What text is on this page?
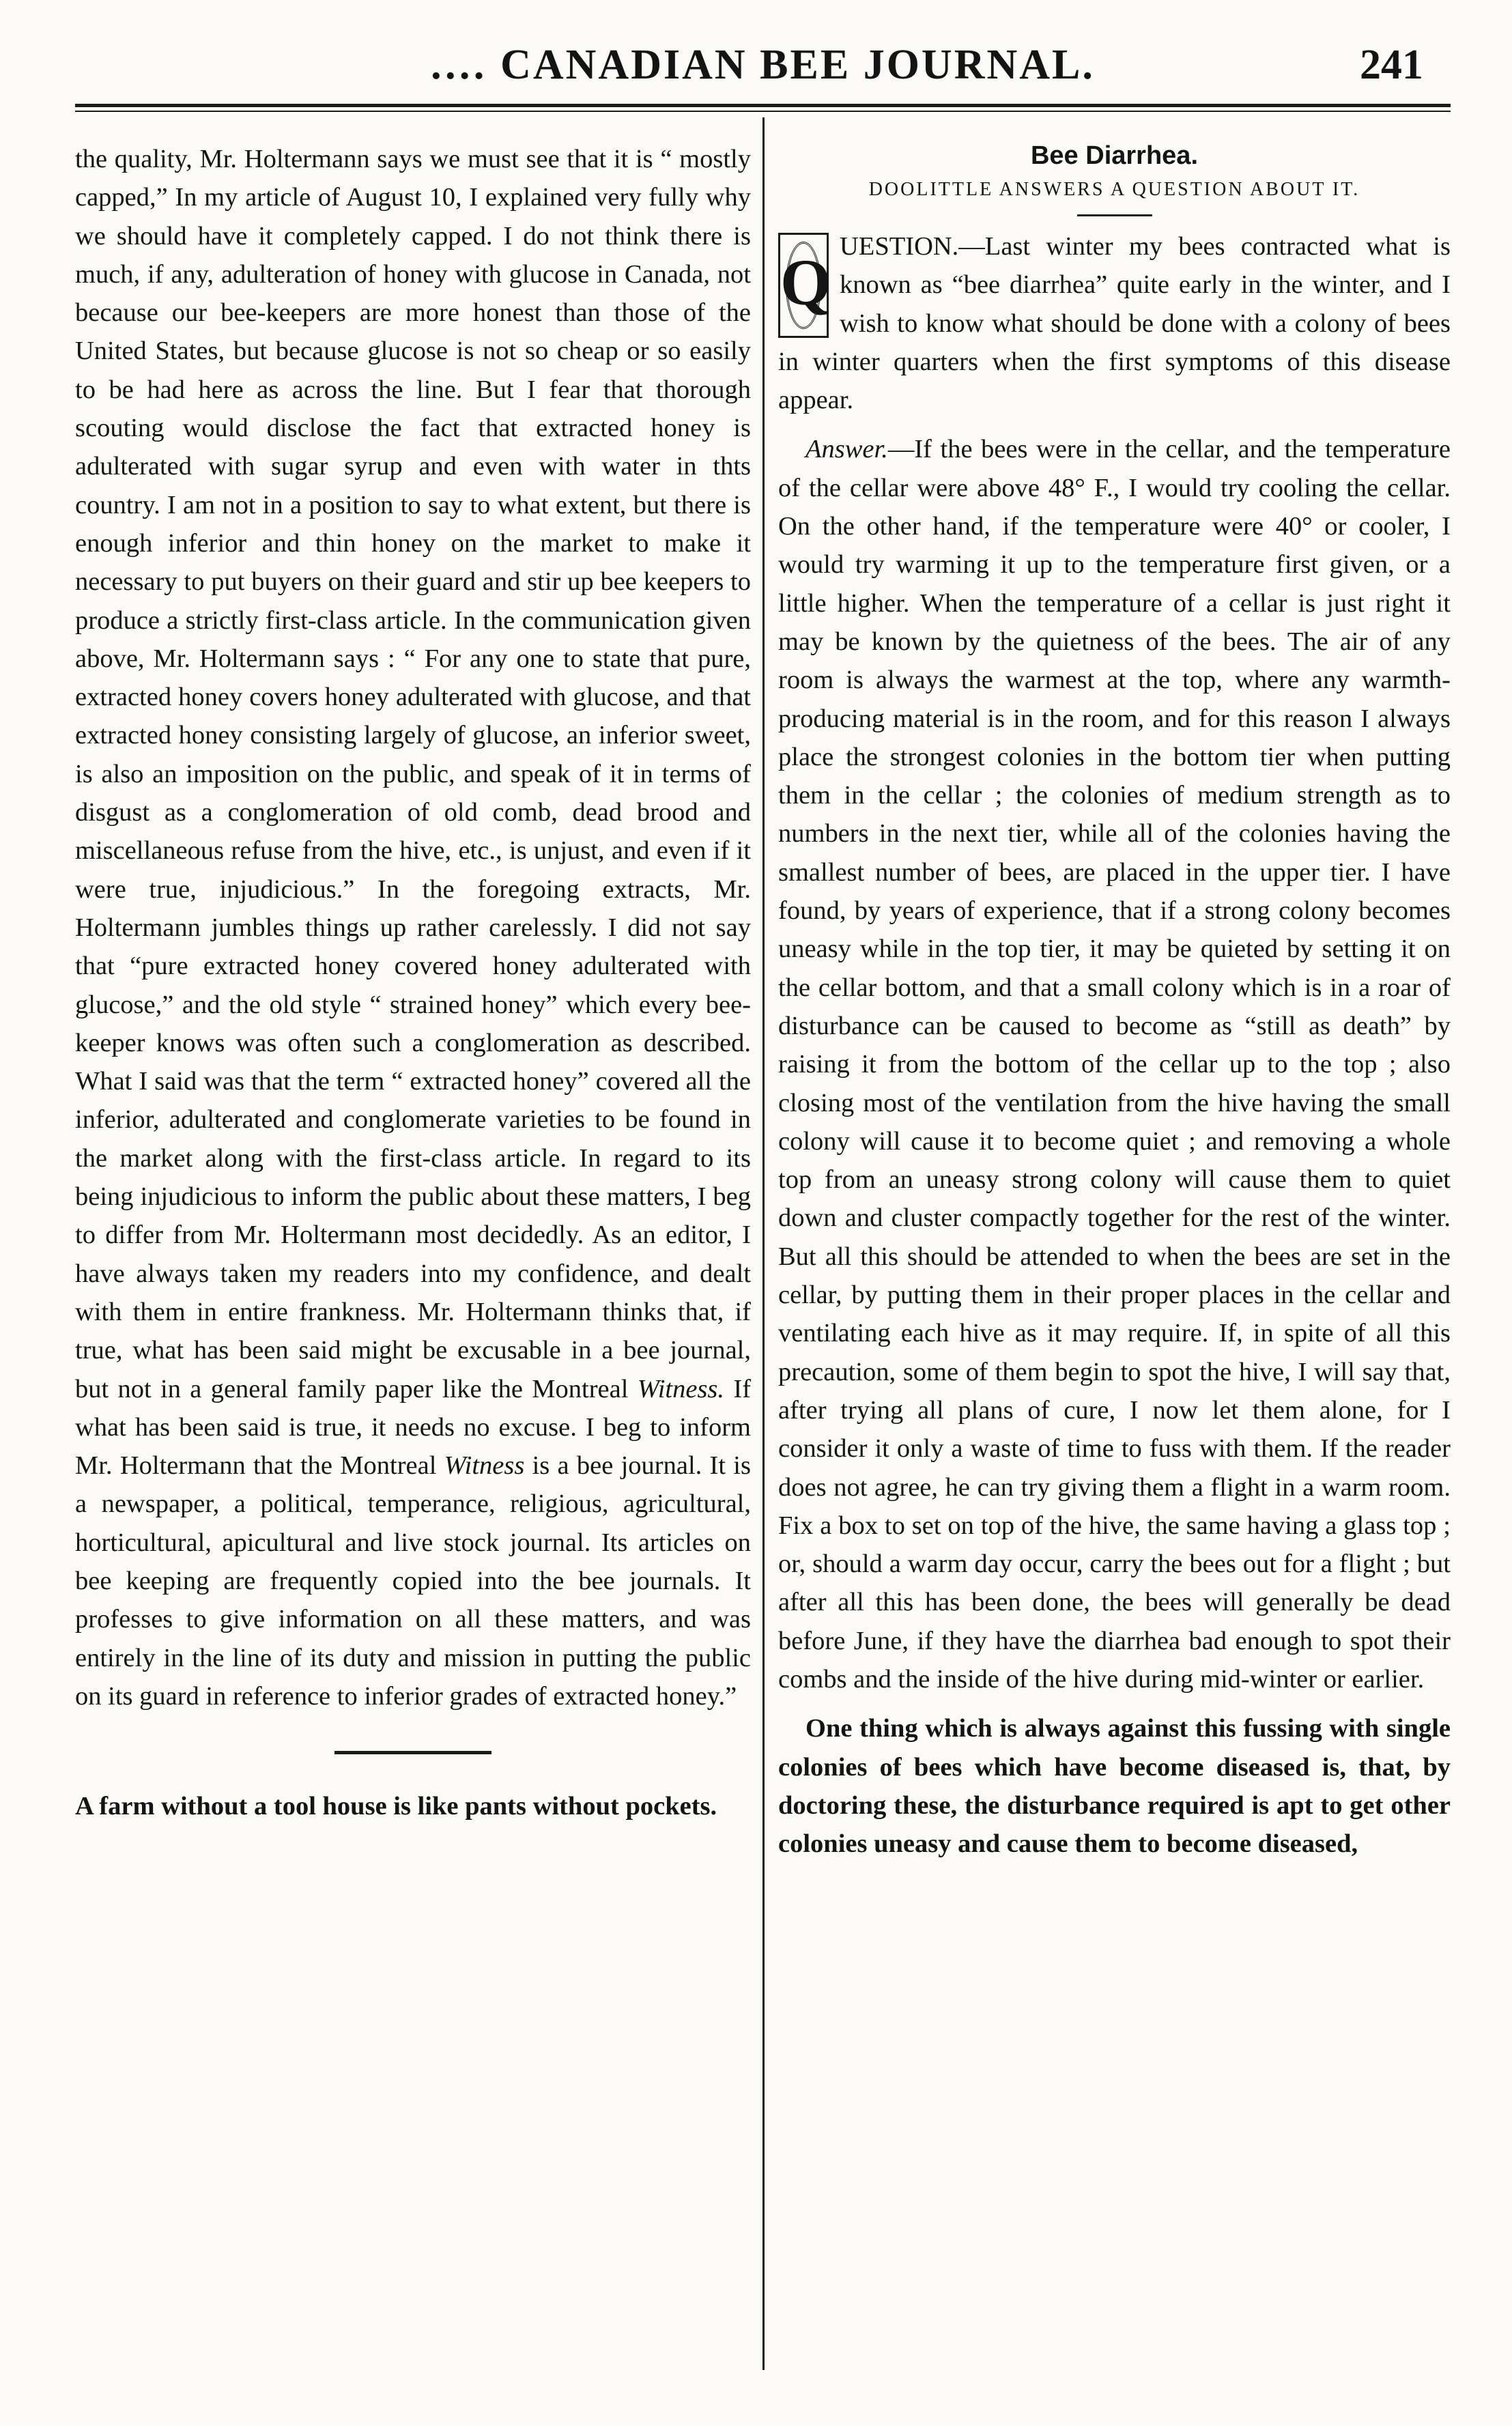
.… CANADIAN BEE JOURNAL.	241

the quality, Mr. Holtermann says we must see that it is “ mostly capped,” In my article of August 10, I explained very fully why we should have it completely capped. I do not think there is much, if any, adulteration of honey with glucose in Canada, not because our bee-keepers are more honest than those of the United States, but because glucose is not so cheap or so easily to be had here as across the line. But I fear that thorough scouting would disclose the fact that extracted honey is adulterated with sugar syrup and even with water in thts country. I am not in a position to say to what extent, but there is enough inferior and thin honey on the market to make it necessary to put buyers on their guard and stir up bee keepers to produce a strictly first-class article. In the communication given above, Mr. Holtermann says : “ For any one to state that pure, extracted honey covers honey adulterated with glucose, and that extracted honey consisting largely of glucose, an inferior sweet, is also an imposition on the public, and speak of it in terms of disgust as a conglomeration of old comb, dead brood and miscellaneous refuse from the hive, etc., is unjust, and even if it were true, injudicious.” In the foregoing extracts, Mr. Holtermann jumbles things up rather carelessly. I did not say that “pure extracted honey covered honey adulterated with glucose,” and the old style “ strained honey” which every bee-keeper knows was often such a conglomeration as described. What I said was that the term “ extracted honey” covered all the inferior, adulterated and conglomerate varieties to be found in the market along with the first-class article. In regard to its being injudicious to inform the public about these matters, I beg to differ from Mr. Holtermann most decidedly. As an editor, I have always taken my readers into my confidence, and dealt with them in entire frankness. Mr. Holtermann thinks that, if true, what has been said might be excusable in a bee journal, but not in a general family paper like the Montreal Witness. If what has been said is true, it needs no excuse. I beg to inform Mr. Holtermann that the Montreal Witness is a bee journal. It is a newspaper, a political, temperance, religious, agricultural, horticultural, apicultural and live stock journal. Its articles on bee keeping are frequently copied into the bee journals. It professes to give information on all these matters, and was entirely in the line of its duty and mission in putting the public on its guard in reference to inferior grades of extracted honey.”

A farm without a tool house is like pants without pockets.

Bee Diarrhea.

DOOLITTLE ANSWERS A QUESTION ABOUT IT.

Q UESTION.—Last winter my bees contracted what is known as “bee diarrhea” quite early in the winter, and I wish to know what should be done with a colony of bees in winter quarters when the first symptoms of this disease appear.

Answer.—If the bees were in the cellar, and the temperature of the cellar were above 48° F., I would try cooling the cellar. On the other hand, if the temperature were 40° or cooler, I would try warming it up to the temperature first given, or a little higher. When the temperature of a cellar is just right it may be known by the quietness of the bees. The air of any room is always the warmest at the top, where any warmth-producing material is in the room, and for this reason I always place the strongest colonies in the bottom tier when putting them in the cellar ; the colonies of medium strength as to numbers in the next tier, while all of the colonies having the smallest number of bees, are placed in the upper tier. I have found, by years of experience, that if a strong colony becomes uneasy while in the top tier, it may be quieted by setting it on the cellar bottom, and that a small colony which is in a roar of disturbance can be caused to become as “still as death” by raising it from the bottom of the cellar up to the top ; also closing most of the ventilation from the hive having the small colony will cause it to become quiet ; and removing a whole top from an uneasy strong colony will cause them to quiet down and cluster compactly together for the rest of the winter. But all this should be attended to when the bees are set in the cellar, by putting them in their proper places in the cellar and ventilating each hive as it may require. If, in spite of all this precaution, some of them begin to spot the hive, I will say that, after trying all plans of cure, I now let them alone, for I consider it only a waste of time to fuss with them. If the reader does not agree, he can try giving them a flight in a warm room. Fix a box to set on top of the hive, the same having a glass top ; or, should a warm day occur, carry the bees out for a flight ; but after all this has been done, the bees will generally be dead before June, if they have the diarrhea bad enough to spot their combs and the inside of the hive during mid-winter or earlier.

One thing which is always against this fussing with single colonies of bees which have become diseased is, that, by doctoring these, the disturbance required is apt to get other colonies uneasy and cause them to become diseased,
